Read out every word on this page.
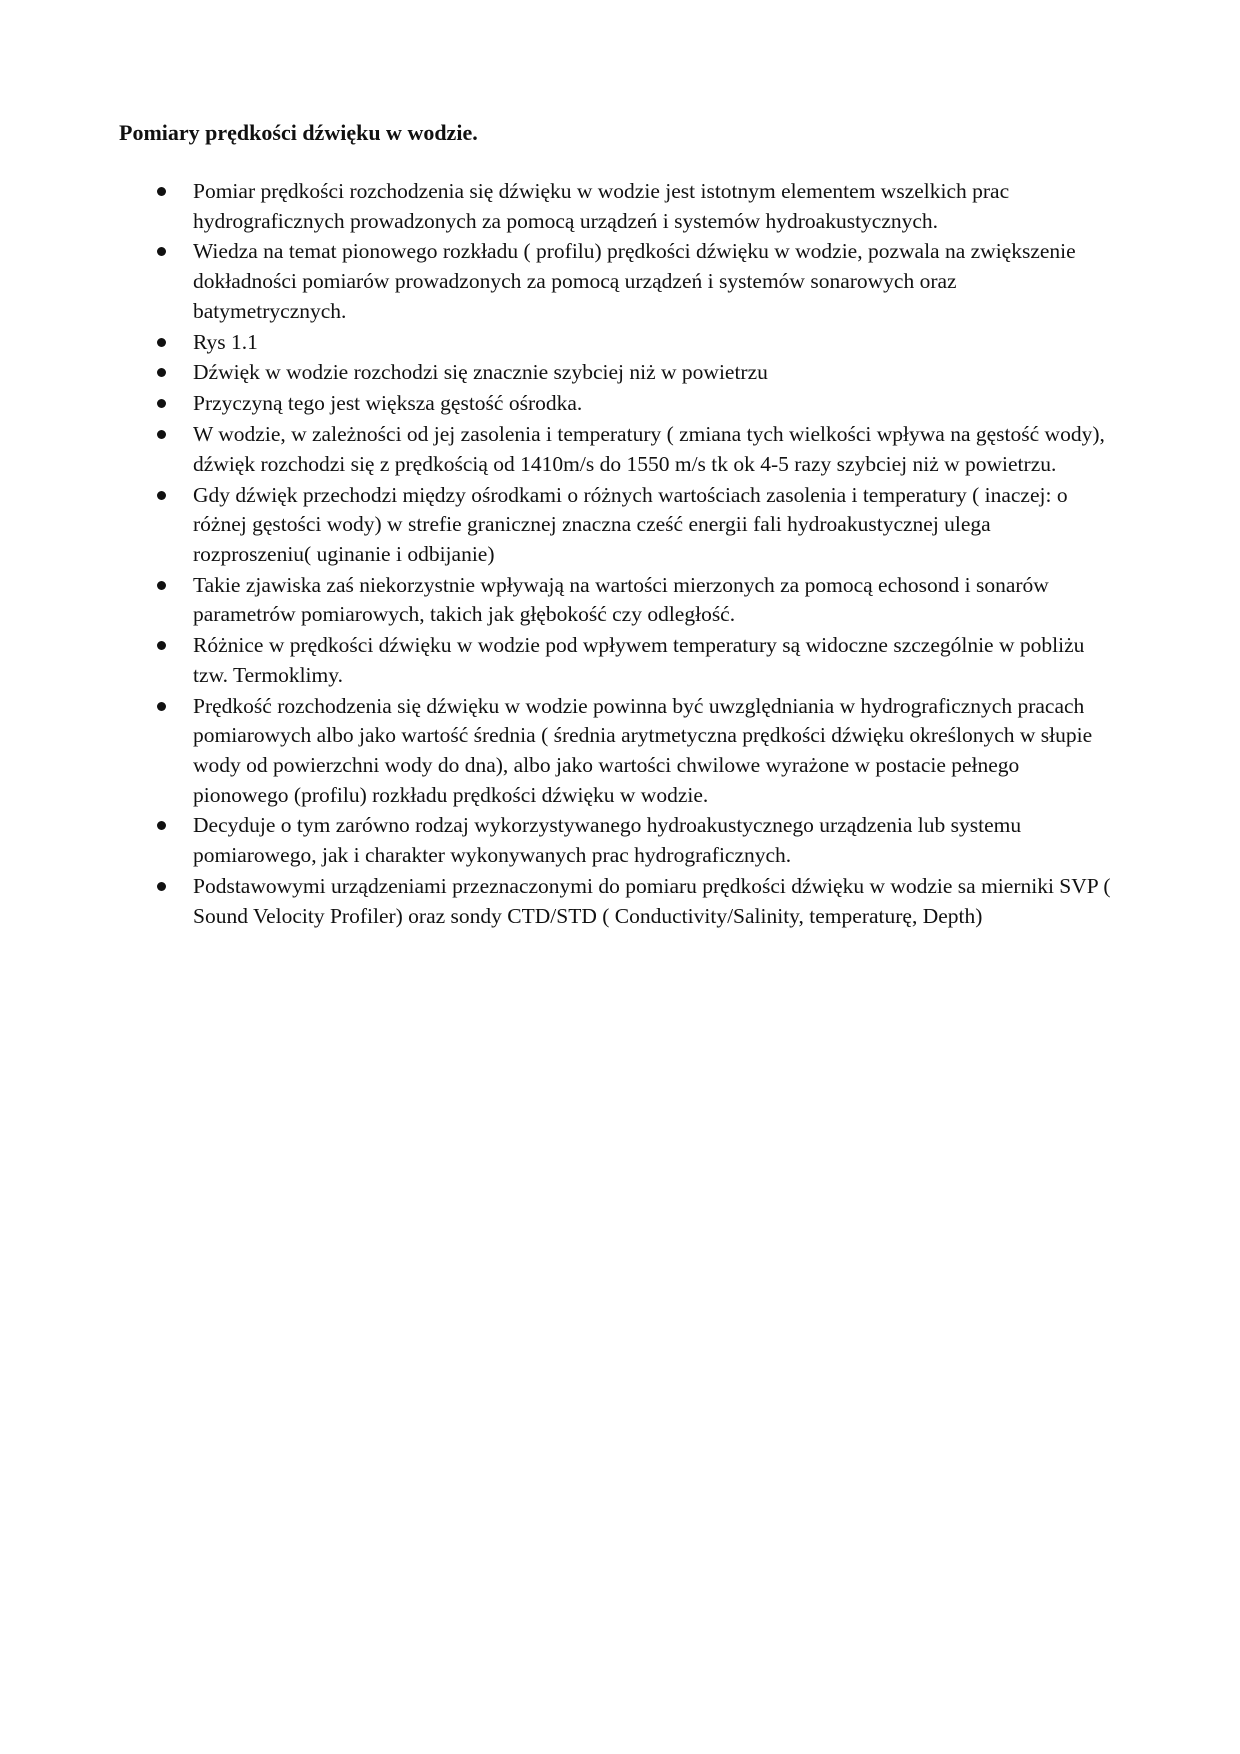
Pomiary prędkości dźwięku w wodzie.
Pomiar prędkości rozchodzenia się dźwięku w wodzie jest istotnym elementem wszelkich prac hydrograficznych prowadzonych za pomocą urządzeń i systemów hydroakustycznych.
Wiedza na temat pionowego rozkładu ( profilu) prędkości dźwięku w wodzie, pozwala na zwiększenie dokładności pomiarów prowadzonych za pomocą urządzeń i systemów sonarowych oraz batymetrycznych.
Rys 1.1
Dźwięk w wodzie rozchodzi się znacznie szybciej niż w powietrzu
Przyczyną tego jest większa gęstość ośrodka.
W wodzie, w zależności od jej zasolenia i temperatury ( zmiana tych wielkości wpływa na gęstość wody), dźwięk rozchodzi się z prędkością od 1410m/s do 1550 m/s tk ok 4-5 razy szybciej niż w powietrzu.
Gdy dźwięk przechodzi między ośrodkami o różnych wartościach zasolenia i temperatury ( inaczej: o różnej gęstości wody) w strefie granicznej znaczna cześć energii fali hydroakustycznej ulega rozproszeniu( uginanie i odbijanie)
Takie zjawiska zaś niekorzystnie wpływają na wartości mierzonych za pomocą echosond i sonarów parametrów pomiarowych, takich jak głębokość czy odległość.
Różnice w prędkości dźwięku w wodzie pod wpływem temperatury są widoczne szczególnie w pobliżu tzw. Termoklimy.
Prędkość rozchodzenia się dźwięku w wodzie powinna być uwzględniania w hydrograficznych pracach pomiarowych albo jako wartość średnia ( średnia arytmetyczna prędkości dźwięku określonych w słupie wody od powierzchni wody do dna), albo jako wartości chwilowe wyrażone w postacie pełnego pionowego (profilu) rozkładu prędkości dźwięku w wodzie.
Decyduje o tym zarówno rodzaj wykorzystywanego hydroakustycznego urządzenia lub systemu pomiarowego, jak i charakter wykonywanych prac hydrograficznych.
Podstawowymi urządzeniami przeznaczonymi do pomiaru prędkości dźwięku w wodzie sa mierniki SVP ( Sound Velocity Profiler) oraz sondy CTD/STD ( Conductivity/Salinity, temperaturę, Depth)
